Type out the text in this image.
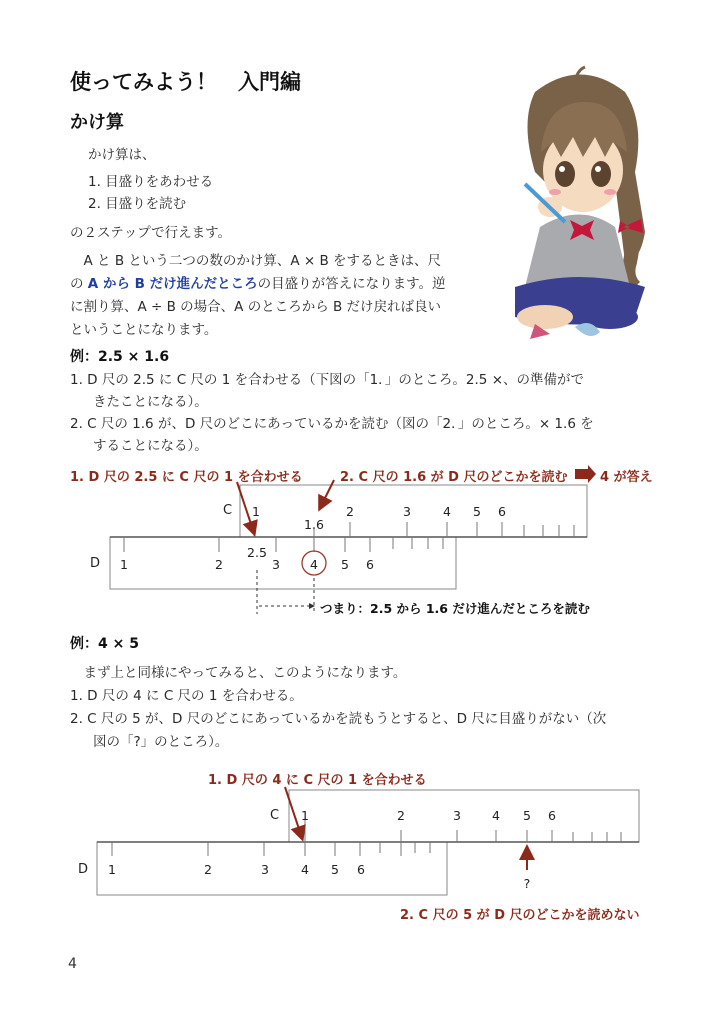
使ってみよう！　入門編
かけ算
かけ算は、
1. 目盛りをあわせる
2. 目盛りを読む
の２ステップで行えます。
　A と B という二つの数のかけ算、A × B をするときは、尺
の A から B だけ進んだところの目盛りが答えになります。逆
に割り算、A ÷ B の場合、A のところから B だけ戻れば良い
ということになります。
例：2.5 × 1.6
1. D 尺の 2.5 に C 尺の 1 を合わせる（下図の「1．」のところ。2.5 ×、の準備がで
きたことになる）。
2. C 尺の 1.6 が、D 尺のどこにあっているかを読む（図の「2．」のところ。× 1.6 を
することになる）。
1. D 尺の 2.5 に C 尺の 1 を合わせる	2. C 尺の 1.6 が D 尺のどこかを読む 4 が答え
C 1	2	3	4 5 6
1.6
D 1	2	3 4 5 6
2.5
つまり：2.5 から 1.6 だけ進んだところを読む
例：4 × 5
　まず上と同様にやってみると、このようになります。
1. D 尺の 4 に C 尺の 1 を合わせる。
2. C 尺の 5 が、D 尺のどこにあっているかを読もうとすると、D 尺に目盛りがない（次
図の「?」のところ）。
1. D 尺の 4 に C 尺の 1 を合わせる
2. C 尺の 5 が D 尺のどこかを読めない
C 1	2	3 4 5 6
D 1	2	3	4 5 6
?
4
